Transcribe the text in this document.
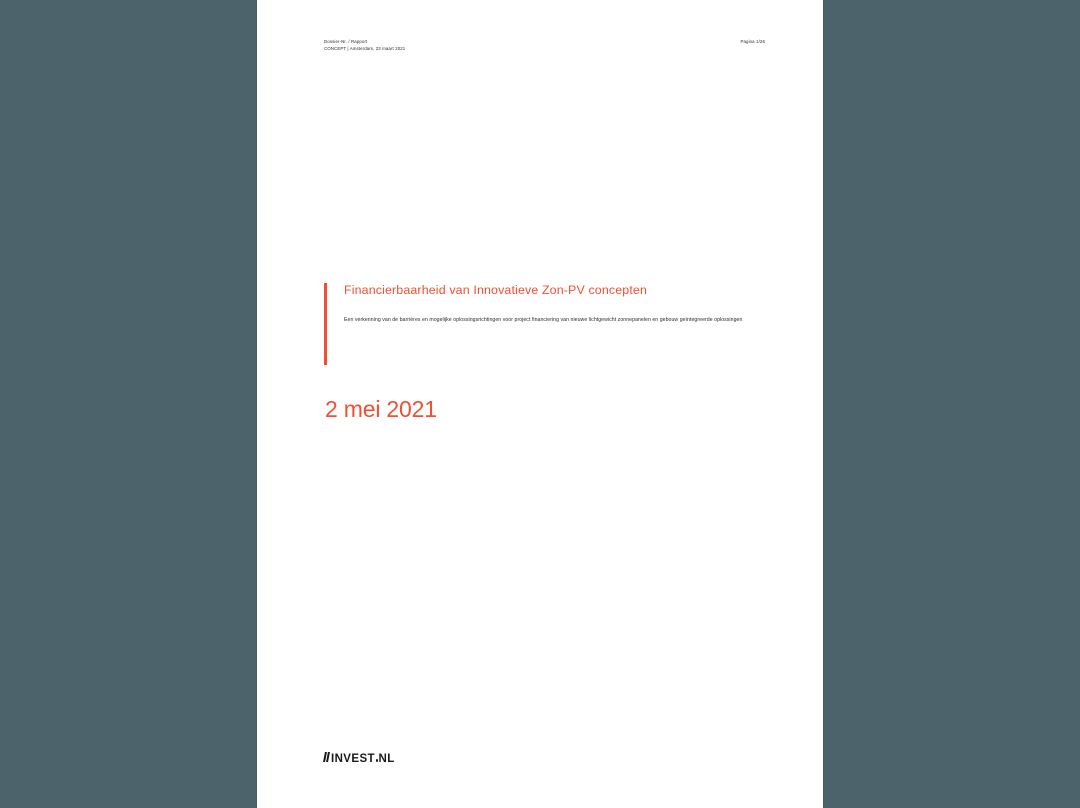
Dossier-Nr. / Rapport
CONCEPT | Amsterdam, 23 maart 2021
Pagina 1/26
Financierbaarheid van Innovatieve Zon-PV concepten
Een verkenning van de barrières en mogelijke oplossingsrichtingen voor project financiering van nieuwe lichtgewicht zonnepanelen en gebouw geïntegreerde oplossingen
2 mei 2021
INVEST NL
